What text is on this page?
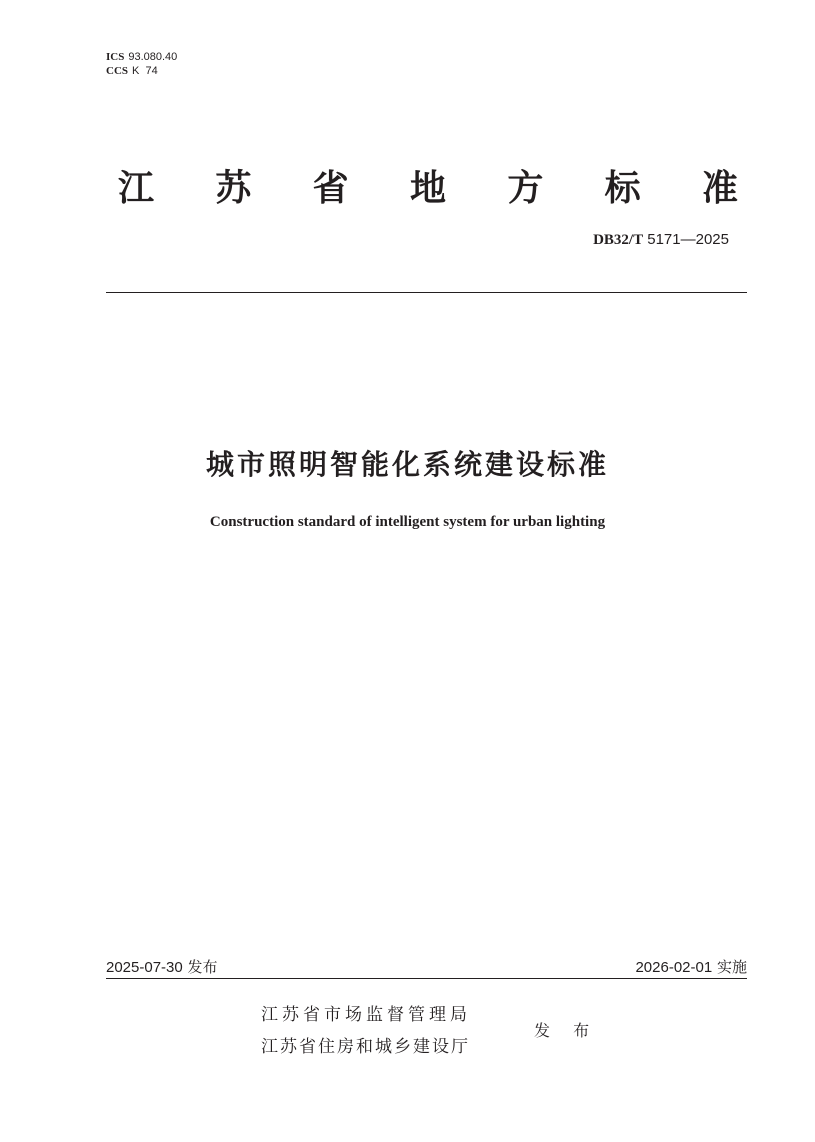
ICS 93.080.40
CCS K  74
江 苏 省 地 方 标 准
DB32/T 5171—2025
城市照明智能化系统建设标准
Construction standard of intelligent system for urban lighting
2025-07-30 发布	2026-02-01 实施
江苏省市场监督管理局
江苏省住房和城乡建设厅
发 布
